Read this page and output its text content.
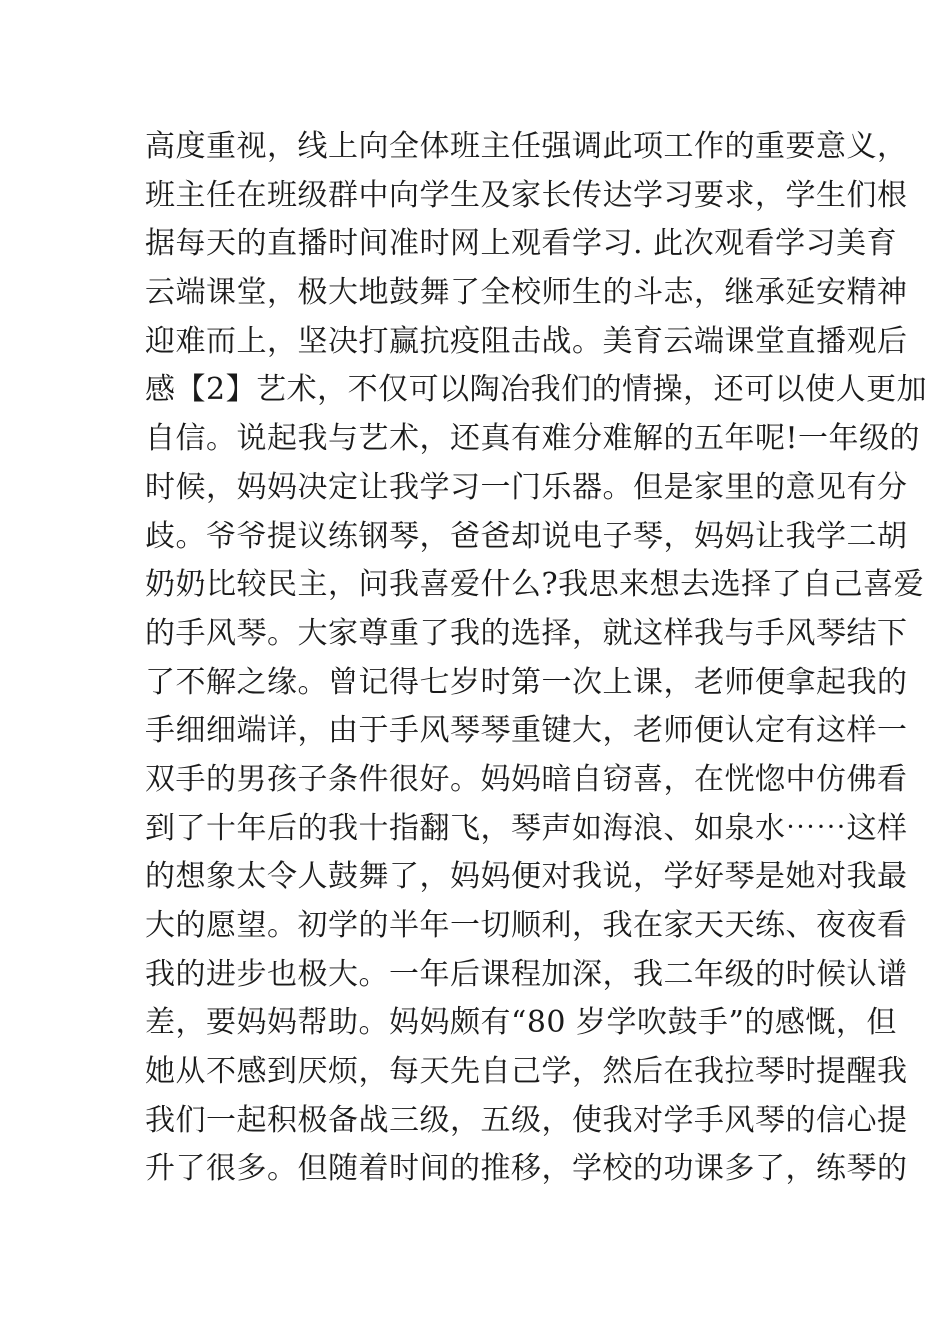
高度重视，线上向全体班主任强调此项工作的重要意义，
班主任在班级群中向学生及家长传达学习要求，学生们根
据每天的直播时间准时网上观看学习. 此次观看学习美育
云端课堂，极大地鼓舞了全校师生的斗志，继承延安精神
迎难而上，坚决打赢抗疫阻击战。美育云端课堂直播观后
感【2】艺术，不仅可以陶冶我们的情操，还可以使人更加
自信。说起我与艺术，还真有难分难解的五年呢!一年级的
时候，妈妈决定让我学习一门乐器。但是家里的意见有分
歧。爷爷提议练钢琴，爸爸却说电子琴，妈妈让我学二胡
奶奶比较民主，问我喜爱什么?我思来想去选择了自己喜爱
的手风琴。大家尊重了我的选择，就这样我与手风琴结下
了不解之缘。曾记得七岁时第一次上课，老师便拿起我的
手细细端详，由于手风琴琴重键大，老师便认定有这样一
双手的男孩子条件很好。妈妈暗自窃喜，在恍惚中仿佛看
到了十年后的我十指翻飞，琴声如海浪、如泉水⋯⋯这样
的想象太令人鼓舞了，妈妈便对我说，学好琴是她对我最
大的愿望。初学的半年一切顺利，我在家天天练、夜夜看
我的进步也极大。一年后课程加深，我二年级的时候认谱
差，要妈妈帮助。妈妈颇有“80 岁学吹鼓手”的感慨，但
她从不感到厌烦，每天先自己学，然后在我拉琴时提醒我
我们一起积极备战三级，五级，使我对学手风琴的信心提
升了很多。但随着时间的推移，学校的功课多了，练琴的
